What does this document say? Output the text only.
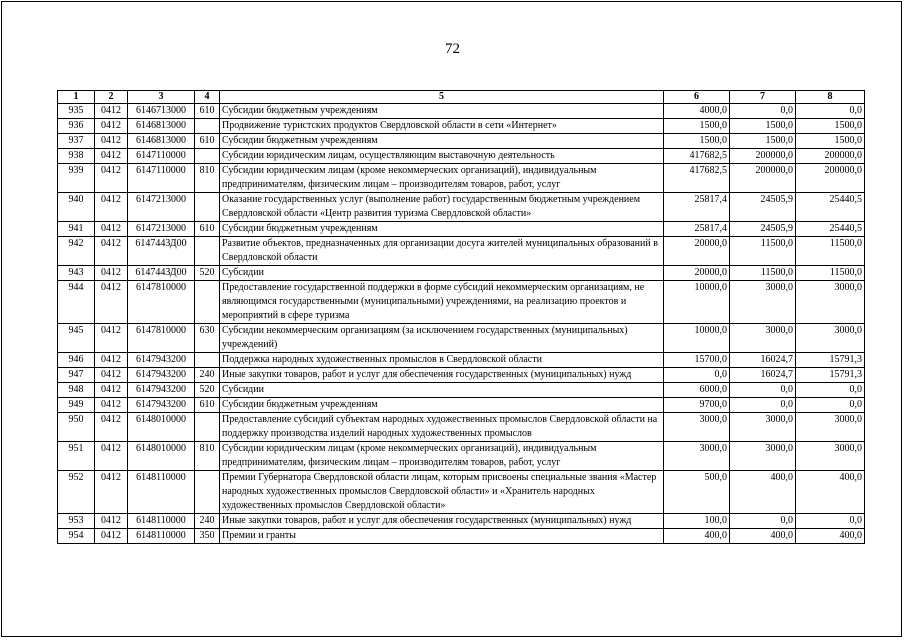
72
1	2	3	4	5	6	7	8
935	0412	6146713000	610	Субсидии бюджетным учреждениям	4000,0	0,0	0,0
936	0412	6146813000		Продвижение туристских продуктов Свердловской области в сети «Интернет»	1500,0	1500,0	1500,0
937	0412	6146813000	610	Субсидии бюджетным учреждениям	1500,0	1500,0	1500,0
938	0412	6147110000		Субсидии юридическим лицам, осуществляющим выставочную деятельность	417682,5	200000,0	200000,0
939	0412	6147110000	810	Субсидии юридическим лицам (кроме некоммерческих организаций), индивидуальным предпринимателям, физическим лицам – производителям товаров, работ, услуг	417682,5	200000,0	200000,0
940	0412	6147213000		Оказание государственных услуг (выполнение работ) государственным бюджетным учреждением Свердловской области «Центр развития туризма Свердловской области»	25817,4	24505,9	25440,5
941	0412	6147213000	610	Субсидии бюджетным учреждениям	25817,4	24505,9	25440,5
942	0412	614744ЗД00		Развитие объектов, предназначенных для организации досуга жителей муниципальных образований в Свердловской области	20000,0	11500,0	11500,0
943	0412	614744ЗД00	520	Субсидии	20000,0	11500,0	11500,0
944	0412	6147810000		Предоставление государственной поддержки в форме субсидий некоммерческим организациям, не являющимся государственными (муниципальными) учреждениями, на реализацию проектов и мероприятий в сфере туризма	10000,0	3000,0	3000,0
945	0412	6147810000	630	Субсидии некоммерческим организациям (за исключением государственных (муниципальных) учреждений)	10000,0	3000,0	3000,0
946	0412	6147943200		Поддержка народных художественных промыслов в Свердловской области	15700,0	16024,7	15791,3
947	0412	6147943200	240	Иные закупки товаров, работ и услуг для обеспечения государственных (муниципальных) нужд	0,0	16024,7	15791,3
948	0412	6147943200	520	Субсидии	6000,0	0,0	0,0
949	0412	6147943200	610	Субсидии бюджетным учреждениям	9700,0	0,0	0,0
950	0412	6148010000		Предоставление субсидий субъектам народных художественных промыслов Свердловской области на поддержку производства изделий народных художественных промыслов	3000,0	3000,0	3000,0
951	0412	6148010000	810	Субсидии юридическим лицам (кроме некоммерческих организаций), индивидуальным предпринимателям, физическим лицам – производителям товаров, работ, услуг	3000,0	3000,0	3000,0
952	0412	6148110000		Премии Губернатора Свердловской области лицам, которым присвоены специальные звания «Мастер народных художественных промыслов Свердловской области» и «Хранитель народных художественных промыслов Свердловской области»	500,0	400,0	400,0
953	0412	6148110000	240	Иные закупки товаров, работ и услуг для обеспечения государственных (муниципальных) нужд	100,0	0,0	0,0
954	0412	6148110000	350	Премии и гранты	400,0	400,0	400,0
